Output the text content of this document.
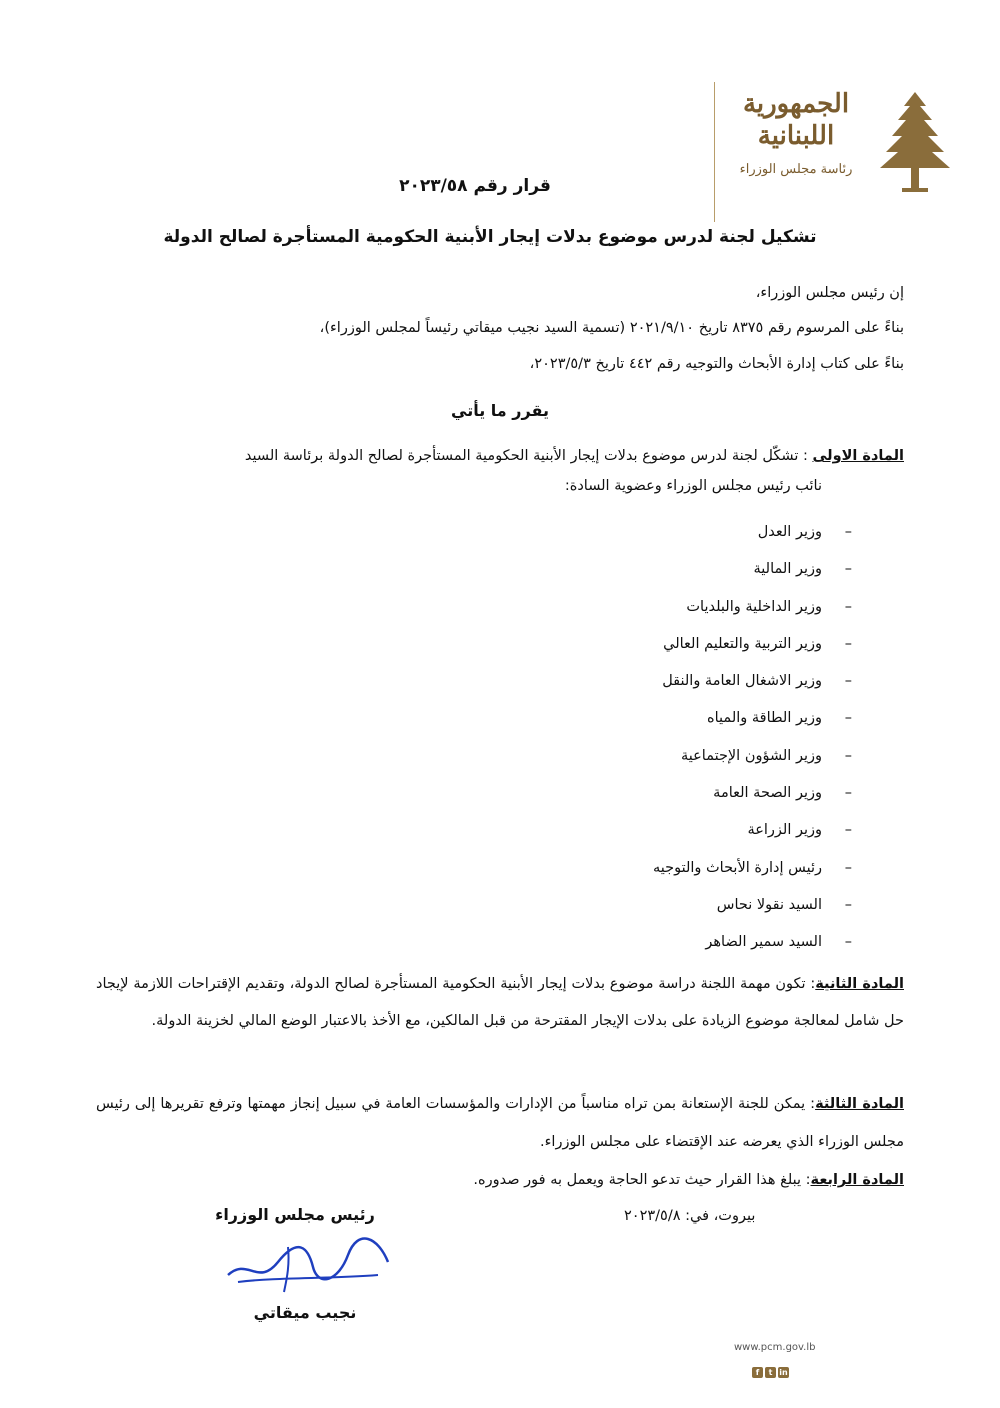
الجمهورية
اللبنانية
رئاسة مجلس الوزراء
قرار رقم ٢٠٢٣/٥٨
تشكيل لجنة لدرس موضوع بدلات إيجار الأبنية الحكومية المستأجرة لصالح الدولة
إن رئيس مجلس الوزراء،
بناءً على المرسوم رقم ٨٣٧٥ تاريخ ٢٠٢١/٩/١٠ (تسمية السيد نجيب ميقاتي رئيساً لمجلس الوزراء)،
بناءً على كتاب إدارة الأبحاث والتوجيه رقم ٤٤٢ تاريخ ٢٠٢٣/٥/٣،
يقرر ما يأتي
المادة الاولى : تشكّل لجنة لدرس موضوع بدلات إيجار الأبنية الحكومية المستأجرة لصالح الدولة برئاسة السيد
نائب رئيس مجلس الوزراء وعضوية السادة:
–وزير العدل
–وزير المالية
–وزير الداخلية والبلديات
–وزير التربية والتعليم العالي
–وزير الاشغال العامة والنقل
–وزير الطاقة والمياه
–وزير الشؤون الإجتماعية
–وزير الصحة العامة
–وزير الزراعة
–رئيس إدارة الأبحاث والتوجيه
–السيد نقولا نحاس
–السيد سمير الضاهر
المادة الثانية: تكون مهمة اللجنة دراسة موضوع بدلات إيجار الأبنية الحكومية المستأجرة لصالح الدولة، وتقديم الإقتراحات اللازمة لإيجاد حل شامل لمعالجة موضوع الزيادة على بدلات الإيجار المقترحة من قبل المالكين، مع الأخذ بالاعتبار الوضع المالي لخزينة الدولة.
المادة الثالثة: يمكن للجنة الإستعانة بمن تراه مناسباً من الإدارات والمؤسسات العامة في سبيل إنجاز مهمتها وترفع تقريرها إلى رئيس مجلس الوزراء الذي يعرضه عند الإقتضاء على مجلس الوزراء.
المادة الرابعة: يبلغ هذا القرار حيث تدعو الحاجة ويعمل به فور صدوره.
بيروت، في: ٢٠٢٣/٥/٨
رئيس مجلس الوزراء
نجيب ميقاتي
www.pcm.gov.lb
f t in
